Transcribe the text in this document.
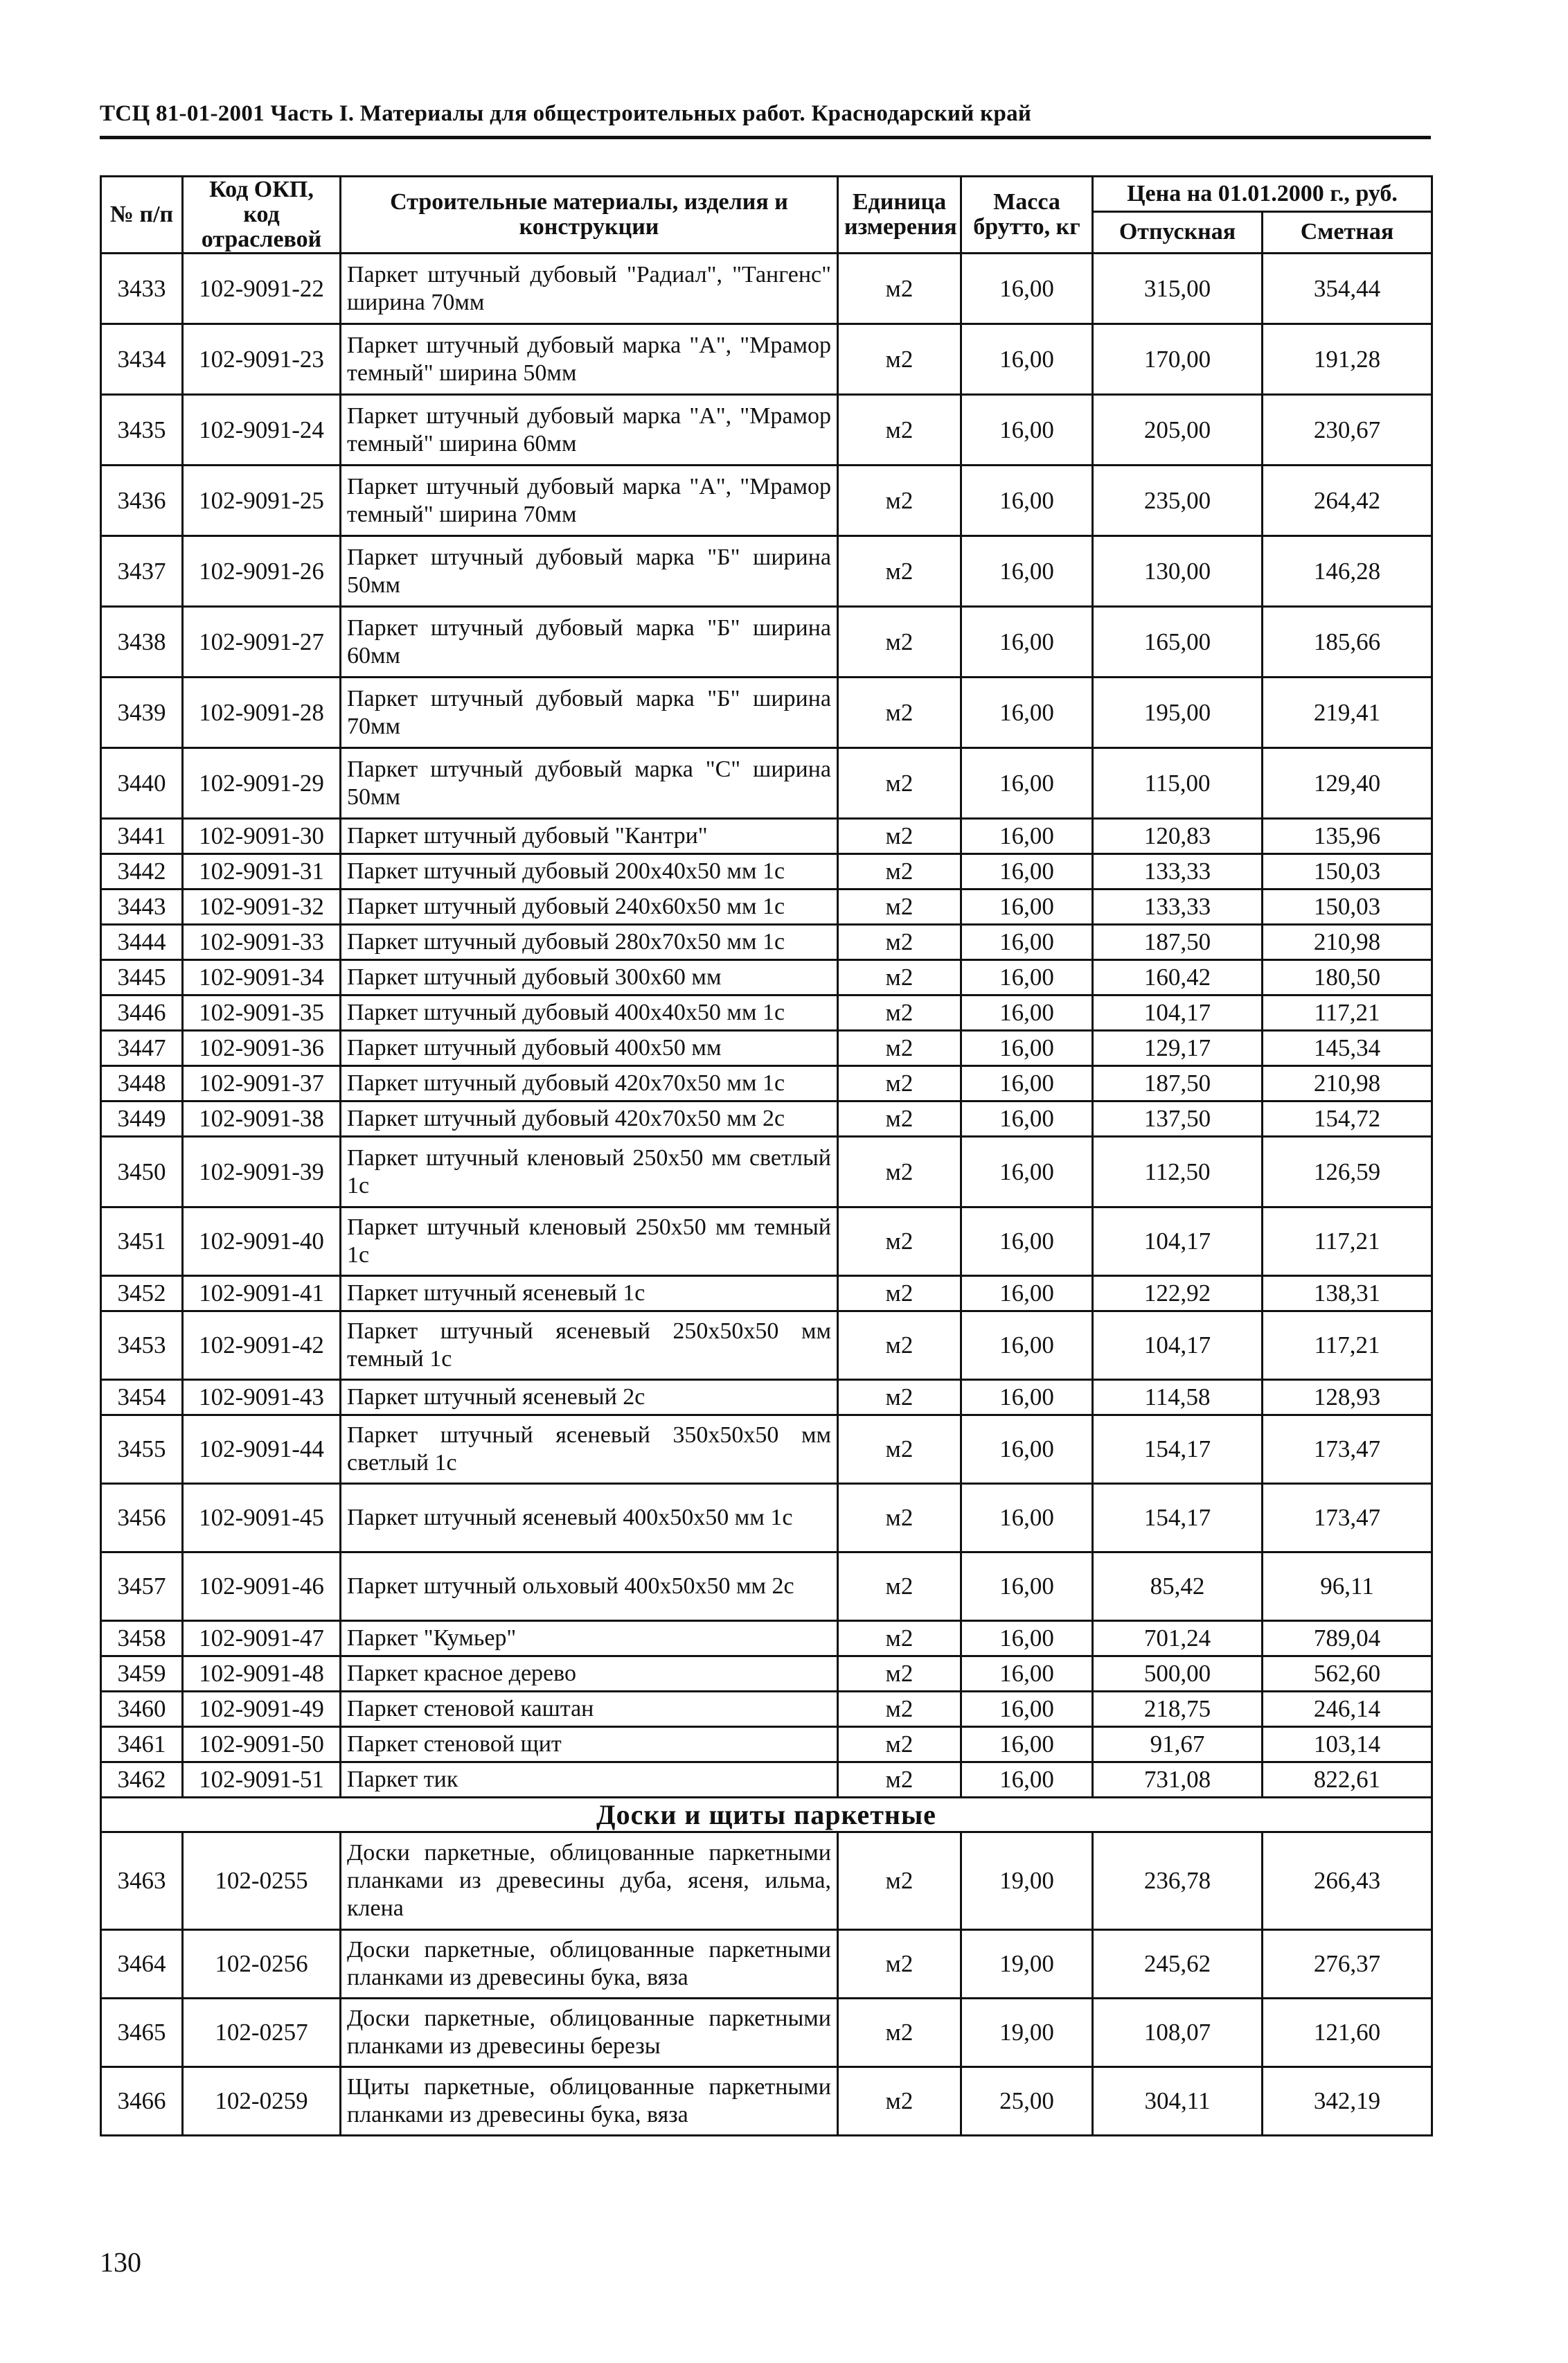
ТСЦ 81-01-2001 Часть I. Материалы для общестроительных работ. Краснодарский край
№ п/п	Код ОКП, код отраслевой	Строительные материалы, изделия и конструкции	Единица измерения	Масса брутто, кг	Цена на 01.01.2000 г., руб.	
					Отпускная	Сметная
3433	102-9091-22	Паркет штучный дубовый "Радиал", "Тангенс" ширина 70мм	м2	16,00	315,00	354,44
3434	102-9091-23	Паркет штучный дубовый марка "А", "Мрамор темный" ширина 50мм	м2	16,00	170,00	191,28
3435	102-9091-24	Паркет штучный дубовый марка "А", "Мрамор темный" ширина 60мм	м2	16,00	205,00	230,67
3436	102-9091-25	Паркет штучный дубовый марка "А", "Мрамор темный" ширина 70мм	м2	16,00	235,00	264,42
3437	102-9091-26	Паркет штучный дубовый марка "Б" ширина 50мм	м2	16,00	130,00	146,28
3438	102-9091-27	Паркет штучный дубовый марка "Б" ширина 60мм	м2	16,00	165,00	185,66
3439	102-9091-28	Паркет штучный дубовый марка "Б" ширина 70мм	м2	16,00	195,00	219,41
3440	102-9091-29	Паркет штучный дубовый марка "С" ширина 50мм	м2	16,00	115,00	129,40
3441	102-9091-30	Паркет штучный дубовый "Кантри"	м2	16,00	120,83	135,96
3442	102-9091-31	Паркет штучный дубовый 200х40х50 мм 1с	м2	16,00	133,33	150,03
3443	102-9091-32	Паркет штучный дубовый 240х60х50 мм 1с	м2	16,00	133,33	150,03
3444	102-9091-33	Паркет штучный дубовый 280х70х50 мм 1с	м2	16,00	187,50	210,98
3445	102-9091-34	Паркет штучный дубовый 300х60 мм	м2	16,00	160,42	180,50
3446	102-9091-35	Паркет штучный дубовый 400х40х50 мм 1с	м2	16,00	104,17	117,21
3447	102-9091-36	Паркет штучный дубовый 400х50 мм	м2	16,00	129,17	145,34
3448	102-9091-37	Паркет штучный дубовый 420х70х50 мм 1с	м2	16,00	187,50	210,98
3449	102-9091-38	Паркет штучный дубовый 420х70х50 мм 2с	м2	16,00	137,50	154,72
3450	102-9091-39	Паркет штучный кленовый 250х50 мм светлый 1с	м2	16,00	112,50	126,59
3451	102-9091-40	Паркет штучный кленовый 250х50 мм темный 1с	м2	16,00	104,17	117,21
3452	102-9091-41	Паркет штучный ясеневый 1с	м2	16,00	122,92	138,31
3453	102-9091-42	Паркет штучный ясеневый 250х50х50 мм темный 1с	м2	16,00	104,17	117,21
3454	102-9091-43	Паркет штучный ясеневый 2с	м2	16,00	114,58	128,93
3455	102-9091-44	Паркет штучный ясеневый 350х50х50 мм светлый 1с	м2	16,00	154,17	173,47
3456	102-9091-45	Паркет штучный ясеневый 400х50х50 мм 1с	м2	16,00	154,17	173,47
3457	102-9091-46	Паркет штучный ольховый 400х50х50 мм 2с	м2	16,00	85,42	96,11
3458	102-9091-47	Паркет "Кумьер"	м2	16,00	701,24	789,04
3459	102-9091-48	Паркет красное дерево	м2	16,00	500,00	562,60
3460	102-9091-49	Паркет стеновой каштан	м2	16,00	218,75	246,14
3461	102-9091-50	Паркет стеновой щит	м2	16,00	91,67	103,14
3462	102-9091-51	Паркет тик	м2	16,00	731,08	822,61
Доски и щиты паркетные						
3463	102-0255	Доски паркетные, облицованные паркетными планками из древесины дуба, ясеня, ильма, клена	м2	19,00	236,78	266,43
3464	102-0256	Доски паркетные, облицованные паркетными планками из древесины бука, вяза	м2	19,00	245,62	276,37
3465	102-0257	Доски паркетные, облицованные паркетными планками из древесины березы	м2	19,00	108,07	121,60
3466	102-0259	Щиты паркетные, облицованные паркетными планками из древесины бука, вяза	м2	25,00	304,11	342,19
130
